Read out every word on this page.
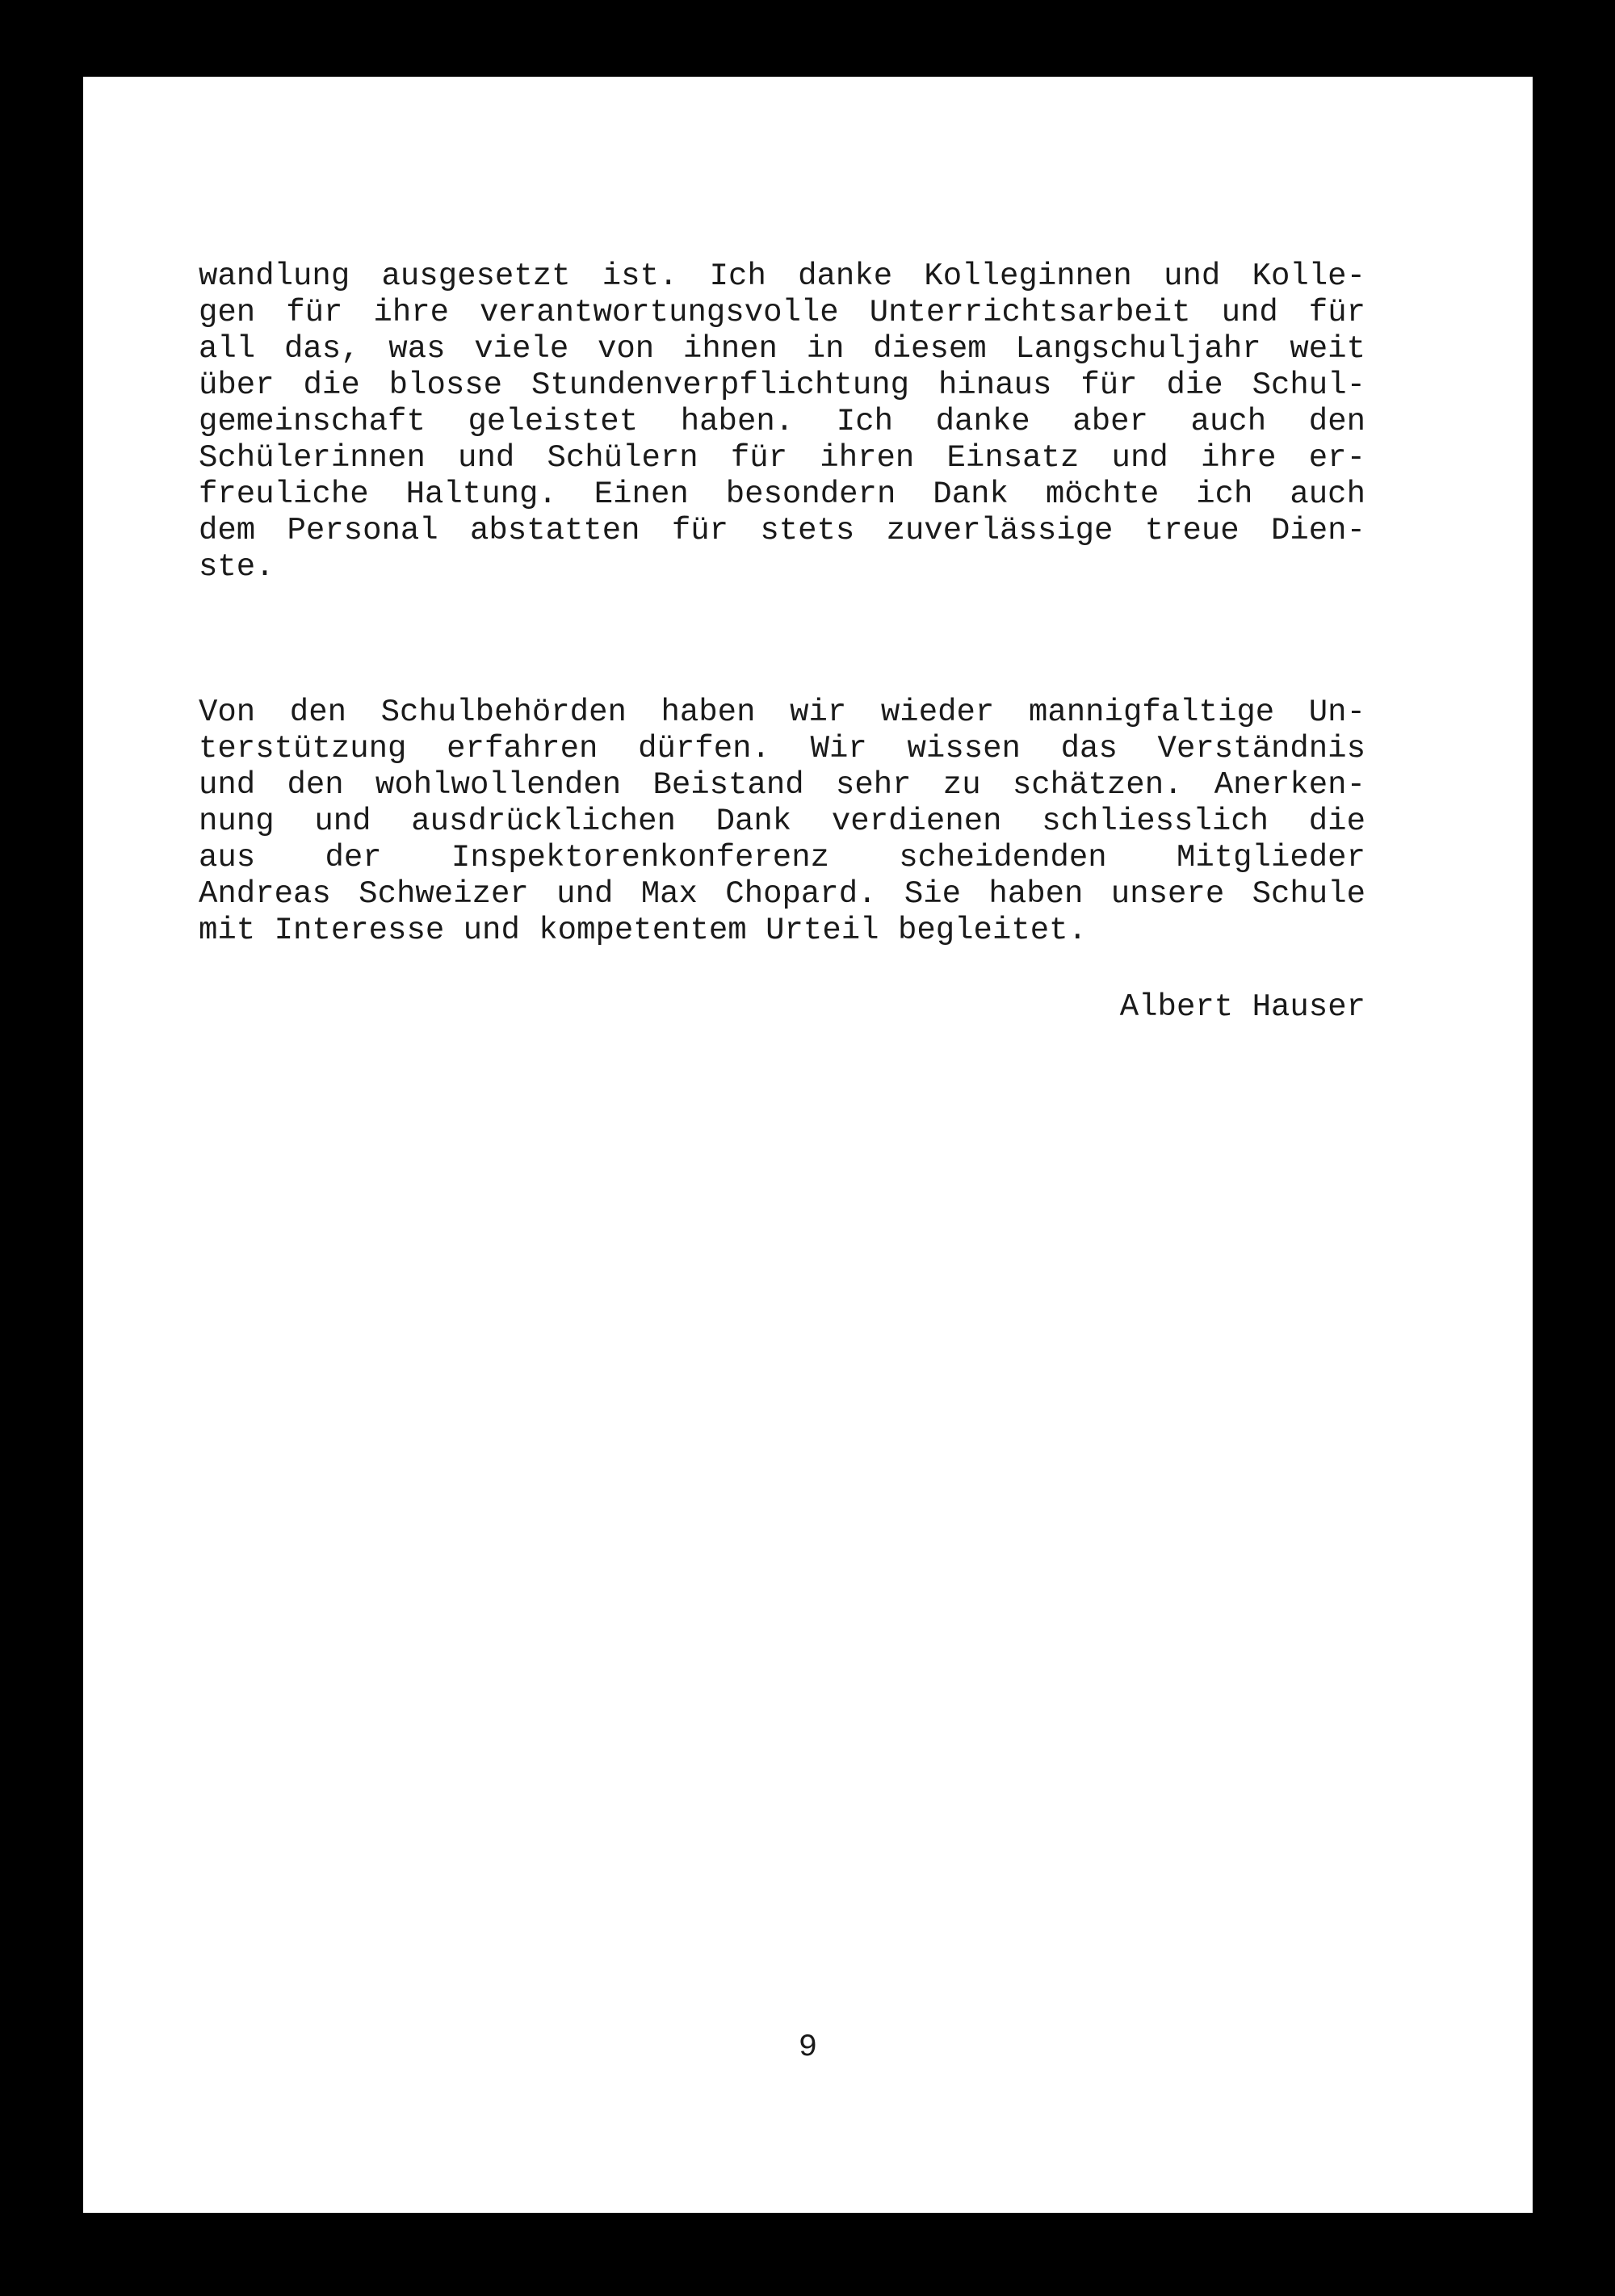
wandlung ausgesetzt ist. Ich danke Kolleginnen und Kolle-
gen für ihre verantwortungsvolle Unterrichtsarbeit und für
all das, was viele von ihnen in diesem Langschuljahr weit
über die blosse Stundenverpflichtung hinaus für die Schul-
gemeinschaft geleistet haben. Ich danke aber auch den
Schülerinnen und Schülern für ihren Einsatz und ihre er-
freuliche Haltung. Einen besondern Dank möchte ich auch
dem Personal abstatten für stets zuverlässige treue Dien-
ste.
Von den Schulbehörden haben wir wieder mannigfaltige Un-
terstützung erfahren dürfen. Wir wissen das Verständnis
und den wohlwollenden Beistand sehr zu schätzen. Anerken-
nung und ausdrücklichen Dank verdienen schliesslich die
aus der Inspektorenkonferenz scheidenden Mitglieder
Andreas Schweizer und Max Chopard. Sie haben unsere Schule
mit Interesse und kompetentem Urteil begleitet.
Albert Hauser
9
